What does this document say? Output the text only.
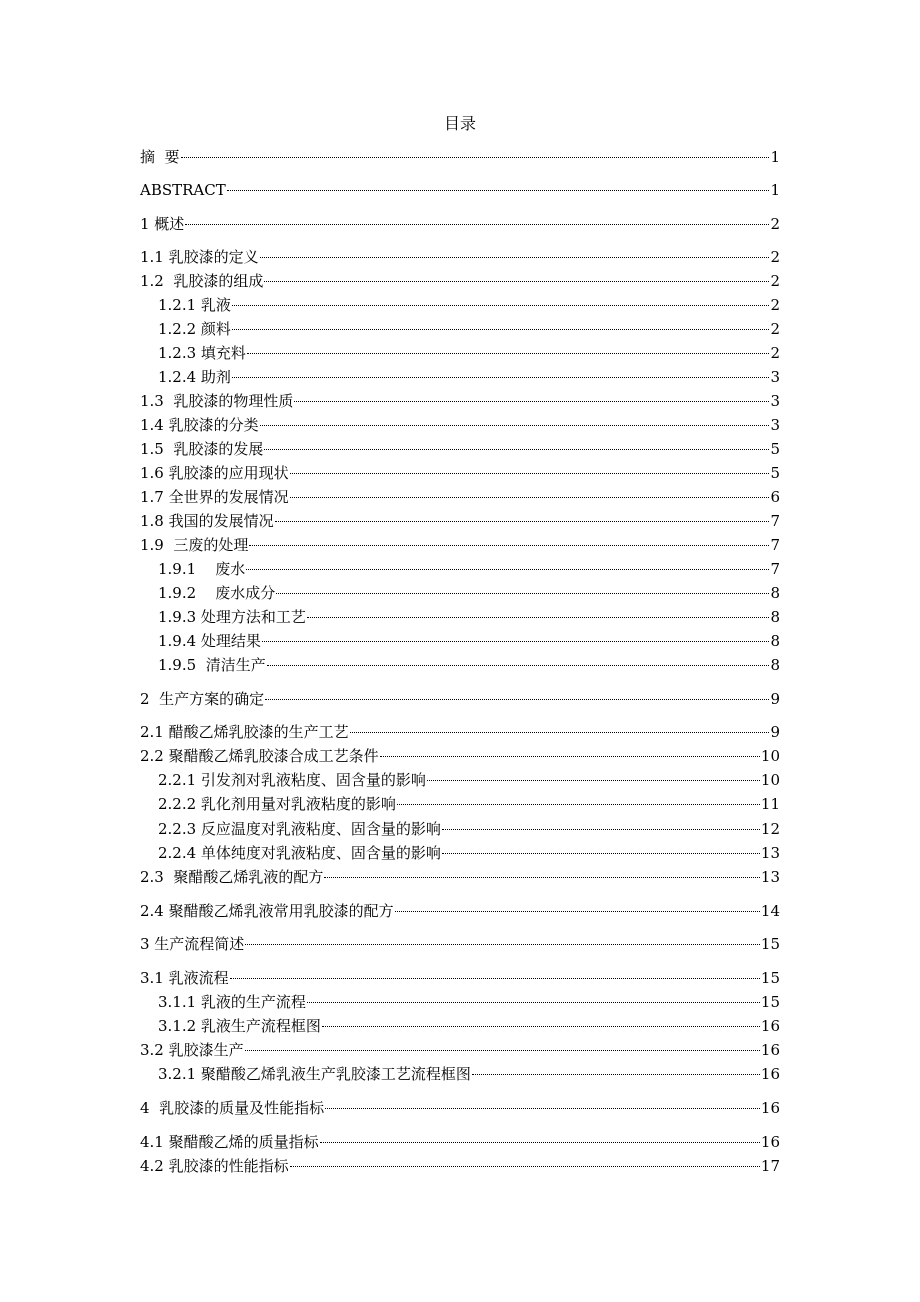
目录
摘  要	1
ABSTRACT	1
1 概述	2
1.1 乳胶漆的定义	2
1.2  乳胶漆的组成	2
1.2.1 乳液	2
1.2.2 颜料	2
1.2.3 填充料	2
1.2.4 助剂	3
1.3  乳胶漆的物理性质	3
1.4 乳胶漆的分类	3
1.5  乳胶漆的发展	5
1.6 乳胶漆的应用现状	5
1.7 全世界的发展情况	6
1.8 我国的发展情况	7
1.9  三废的处理	7
1.9.1    废水	7
1.9.2    废水成分	8
1.9.3 处理方法和工艺	8
1.9.4 处理结果	8
1.9.5  清洁生产	8
2  生产方案的确定	9
2.1 醋酸乙烯乳胶漆的生产工艺	9
2.2 聚醋酸乙烯乳胶漆合成工艺条件	10
2.2.1 引发剂对乳液粘度、固含量的影响	10
2.2.2 乳化剂用量对乳液粘度的影响	11
2.2.3 反应温度对乳液粘度、固含量的影响	12
2.2.4 单体纯度对乳液粘度、固含量的影响	13
2.3  聚醋酸乙烯乳液的配方	13
2.4 聚醋酸乙烯乳液常用乳胶漆的配方	14
3 生产流程简述	15
3.1 乳液流程	15
3.1.1 乳液的生产流程	15
3.1.2 乳液生产流程框图	16
3.2 乳胶漆生产	16
3.2.1 聚醋酸乙烯乳液生产乳胶漆工艺流程框图	16
4  乳胶漆的质量及性能指标	16
4.1 聚醋酸乙烯的质量指标	16
4.2 乳胶漆的性能指标	17
